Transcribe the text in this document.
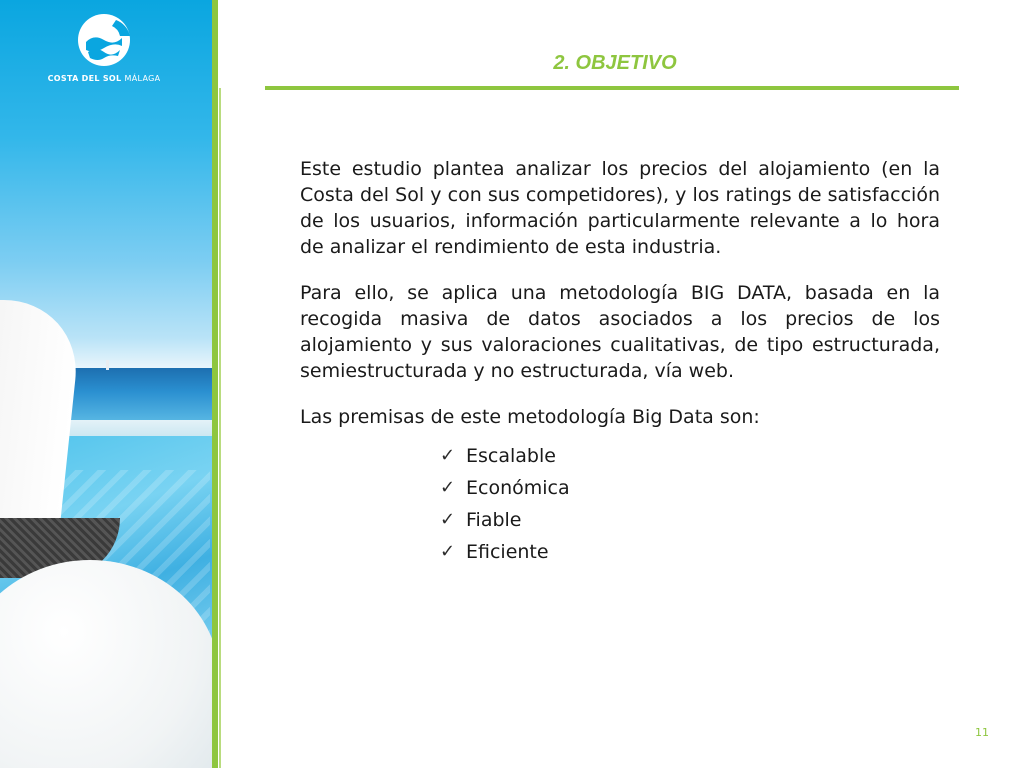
COSTA DEL SOL MÁLAGA
2. OBJETIVO

Este estudio plantea analizar los precios del alojamiento (en la Costa del Sol y con sus competidores), y los ratings de satisfacción de los usuarios, información particularmente relevante a lo hora de analizar el rendimiento de esta industria.

Para ello, se aplica una metodología BIG DATA, basada en la recogida masiva de datos asociados a los precios de los alojamiento y sus valoraciones cualitativas, de tipo estructurada, semiestructurada y no estructurada, vía web.

Las premisas de este metodología Big Data son:

✓ Escalable
✓ Económica
✓ Fiable
✓ Eficiente
11
